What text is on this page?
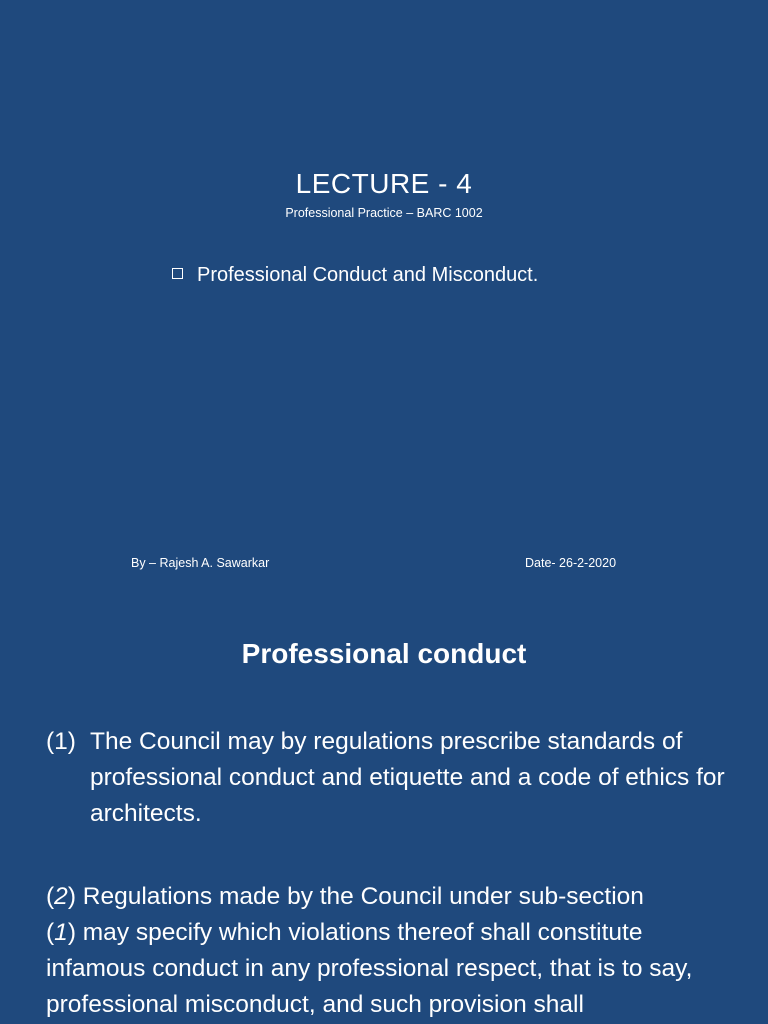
LECTURE - 4
Professional Practice – BARC 1002
Professional Conduct and Misconduct.
By – Rajesh A. Sawarkar	Date- 26-2-2020
Professional conduct
(1) The Council may by regulations prescribe standards of professional conduct and etiquette and a code of ethics for architects.
(2) Regulations made by the Council under sub-section
(1) may specify which violations thereof shall constitute infamous conduct in any professional respect, that is to say, professional misconduct, and such provision shall
